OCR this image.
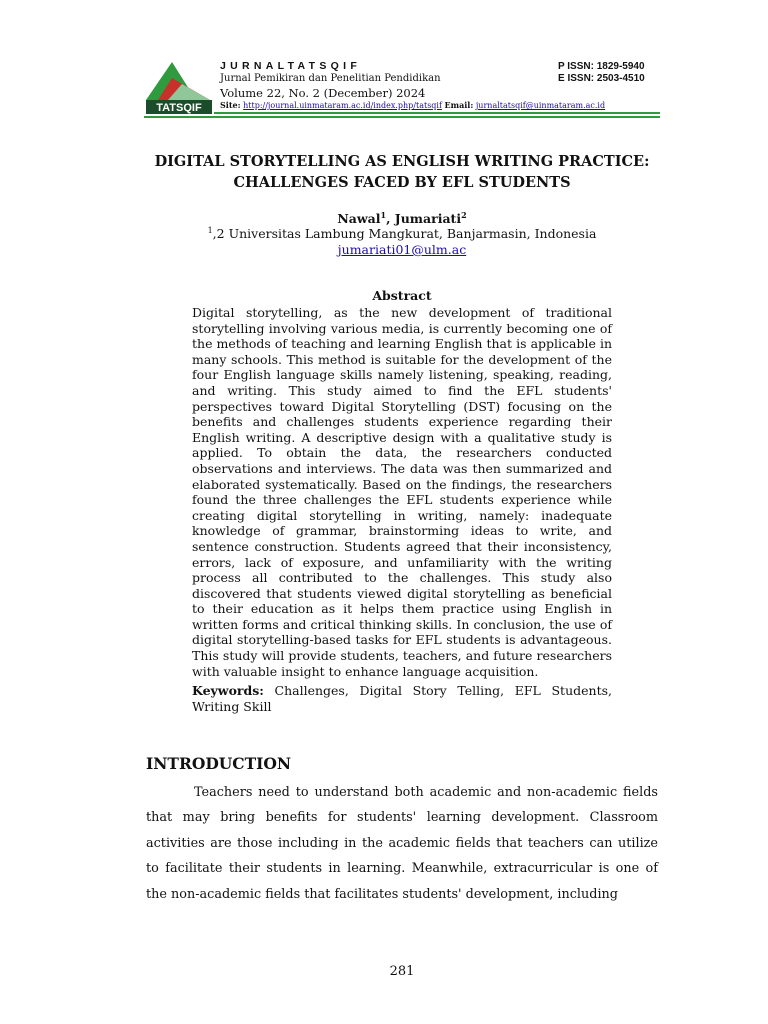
TATSQIF
JURNALTATSQIF
Jurnal Pemikiran dan Penelitian Pendidikan
Volume 22, No. 2 (December) 2024
Site: http://journal.uinmataram.ac.id/index.php/tatsqif Email: jurnaltatsqif@uinmataram.ac.id
P ISSN: 1829-5940
E ISSN: 2503-4510
DIGITAL STORYTELLING AS ENGLISH WRITING PRACTICE:
CHALLENGES FACED BY EFL STUDENTS
Nawal$^1$, Jumariati$^2$
$^1$,2 Universitas Lambung Mangkurat, Banjarmasin, Indonesia
jumariati01@ulm.ac
Abstract
Digital storytelling, as the new development of traditional storytelling involving various media, is currently becoming one of the methods of teaching and learning English that is applicable in many schools. This method is suitable for the development of the four English language skills namely listening, speaking, reading, and writing. This study aimed to find the EFL students' perspectives toward Digital Storytelling (DST) focusing on the benefits and challenges students experience regarding their English writing. A descriptive design with a qualitative study is applied. To obtain the data, the researchers conducted observations and interviews. The data was then summarized and elaborated systematically. Based on the findings, the researchers found the three challenges the EFL students experience while creating digital storytelling in writing, namely: inadequate knowledge of grammar, brainstorming ideas to write, and sentence construction. Students agreed that their inconsistency, errors, lack of exposure, and unfamiliarity with the writing process all contributed to the challenges. This study also discovered that students viewed digital storytelling as beneficial to their education as it helps them practice using English in written forms and critical thinking skills. In conclusion, the use of digital storytelling-based tasks for EFL students is advantageous. This study will provide students, teachers, and future researchers with valuable insight to enhance language acquisition.
Keywords: Challenges, Digital Story Telling, EFL Students, Writing Skill
INTRODUCTION

Teachers need to understand both academic and non-academic fields that may bring benefits for students' learning development. Classroom activities are those including in the academic fields that teachers can utilize to facilitate their students in learning. Meanwhile, extracurricular is one of the non-academic fields that facilitates students' development, including

281
